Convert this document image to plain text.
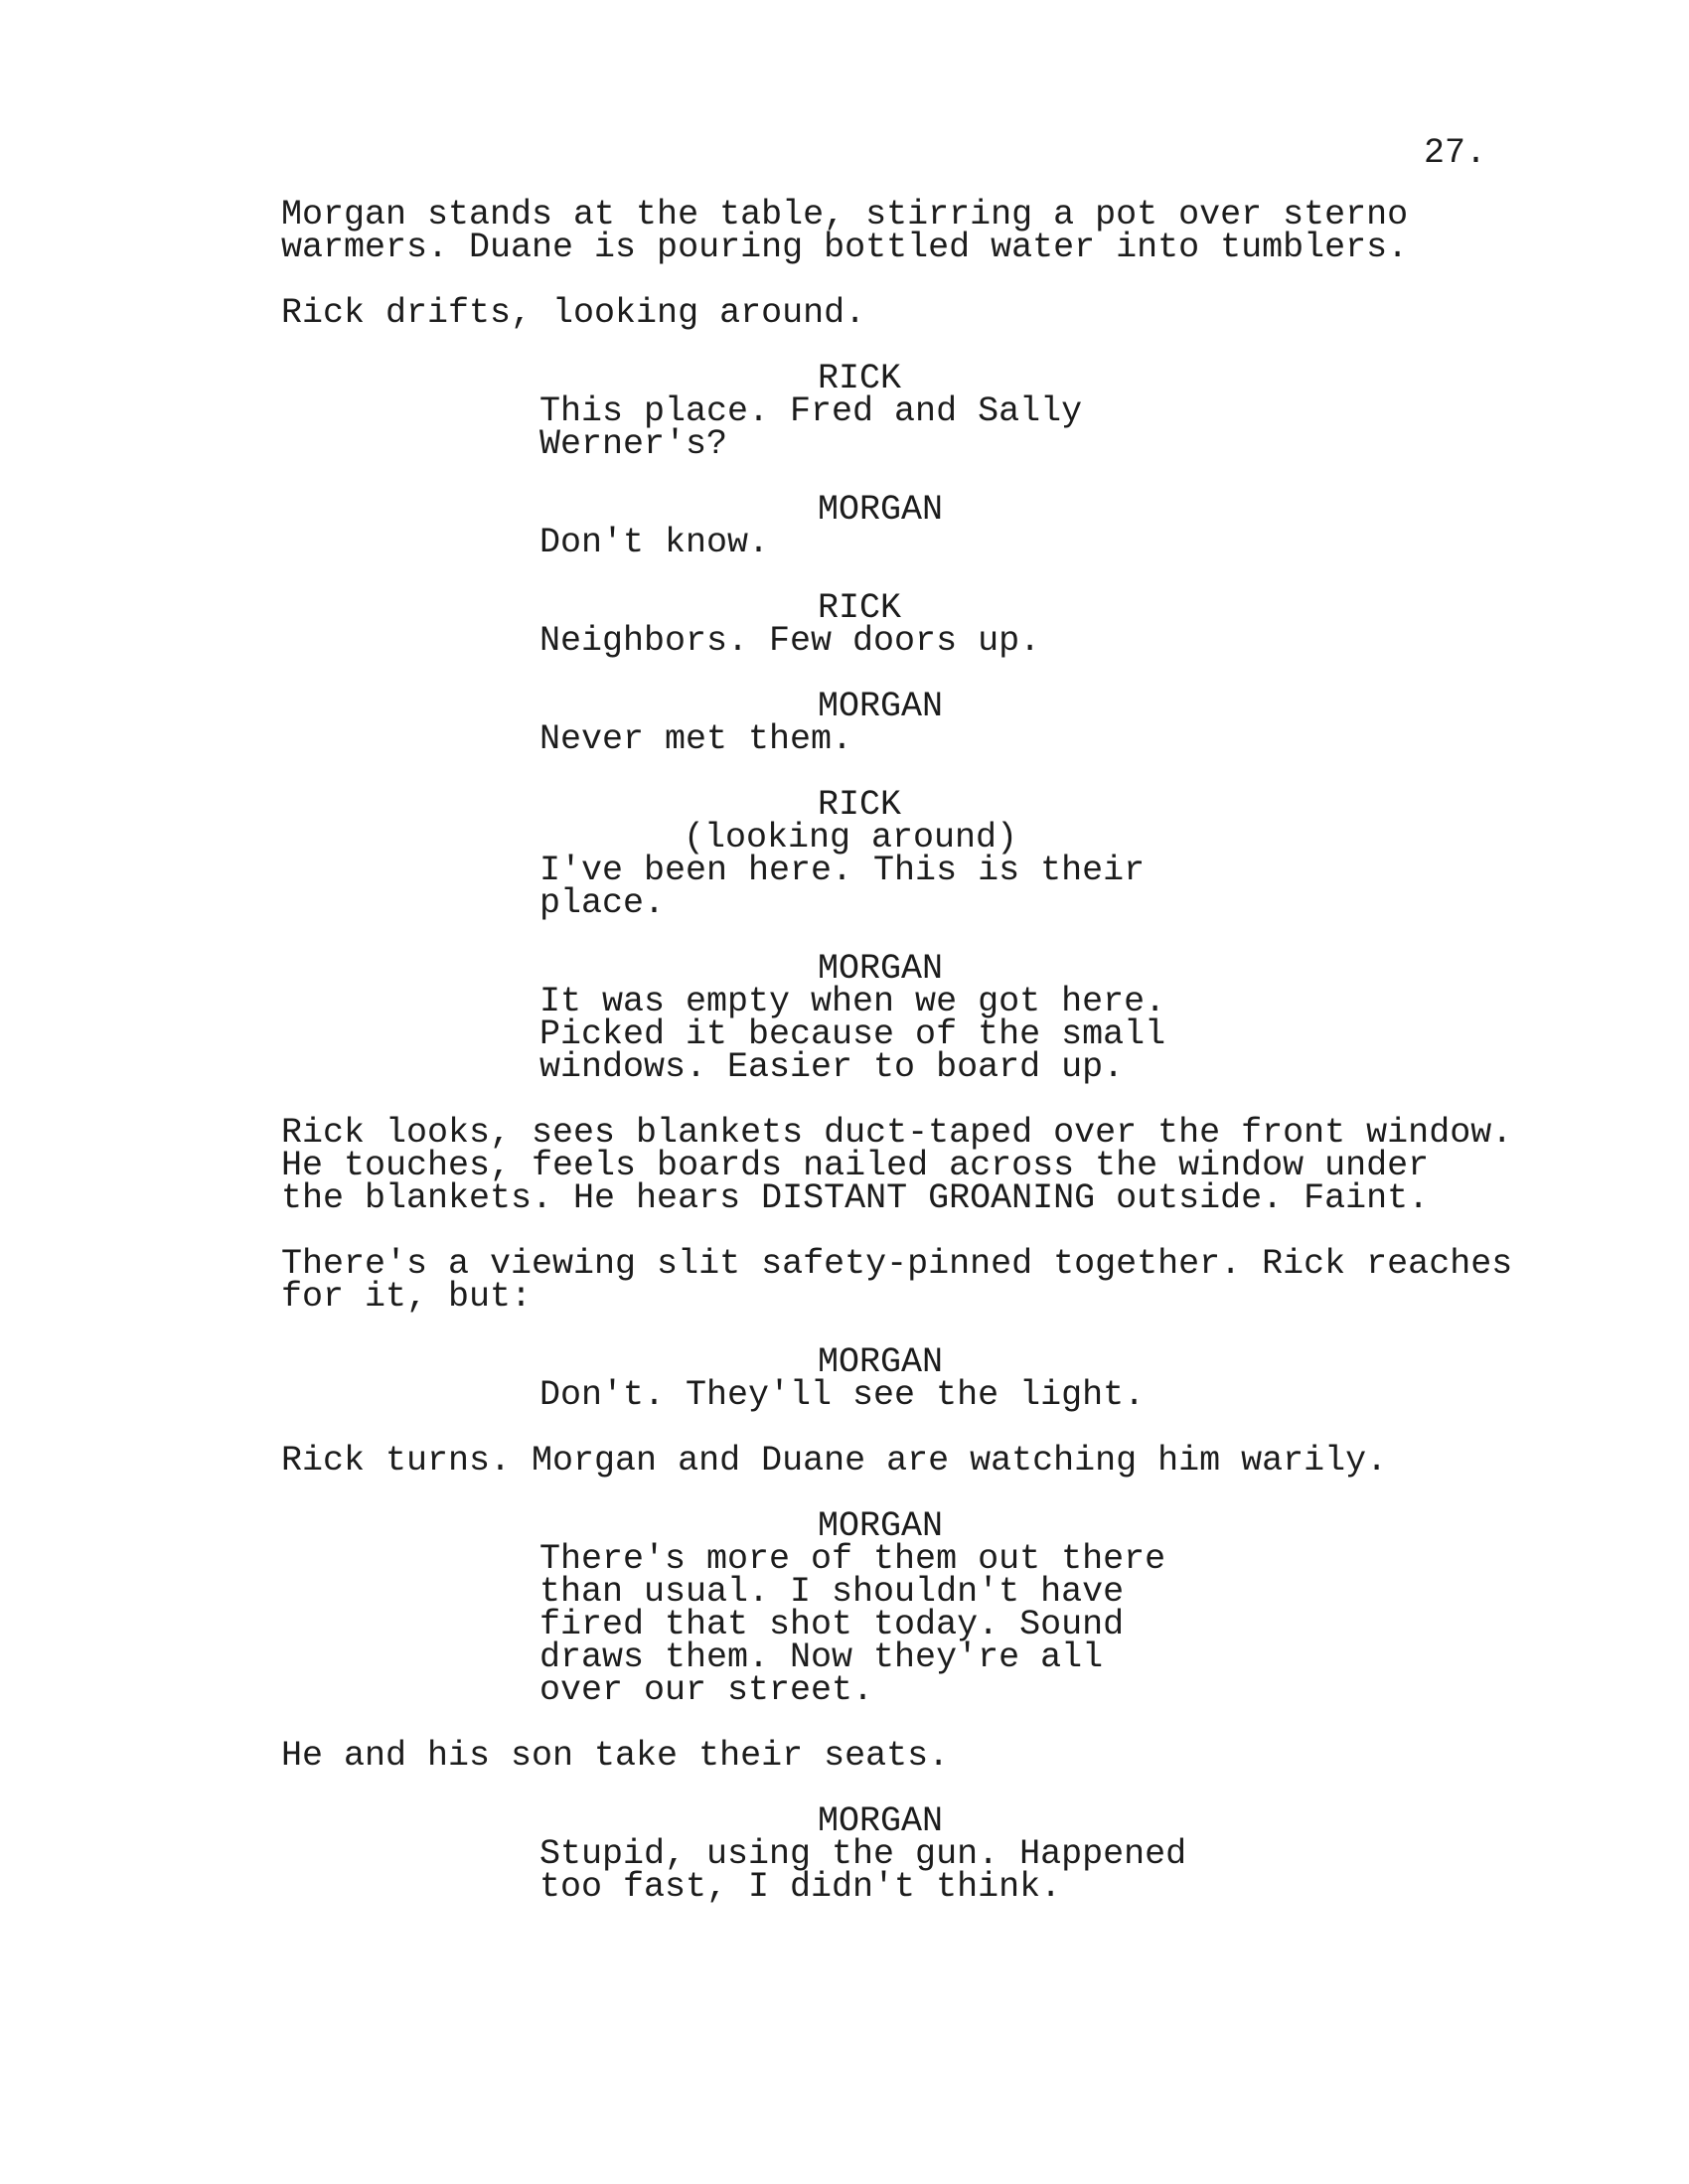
27.

Morgan stands at the table, stirring a pot over sterno
warmers. Duane is pouring bottled water into tumblers.

Rick drifts, looking around.

RICK

This place. Fred and Sally
Werner's?

MORGAN

Don't know.

RICK

Neighbors. Few doors up.

MORGAN

Never met them.

RICK

(looking around)

I've been here. This is their
place.

MORGAN

It was empty when we got here.
Picked it because of the small
windows. Easier to board up.

Rick looks, sees blankets duct-taped over the front window.
He touches, feels boards nailed across the window under
the blankets. He hears DISTANT GROANING outside. Faint.

There's a viewing slit safety-pinned together. Rick reaches
for it, but:

MORGAN

Don't. They'll see the light.

Rick turns. Morgan and Duane are watching him warily.

MORGAN

There's more of them out there
than usual. I shouldn't have
fired that shot today. Sound
draws them. Now they're all
over our street.

He and his son take their seats.

MORGAN

Stupid, using the gun. Happened
too fast, I didn't think.
